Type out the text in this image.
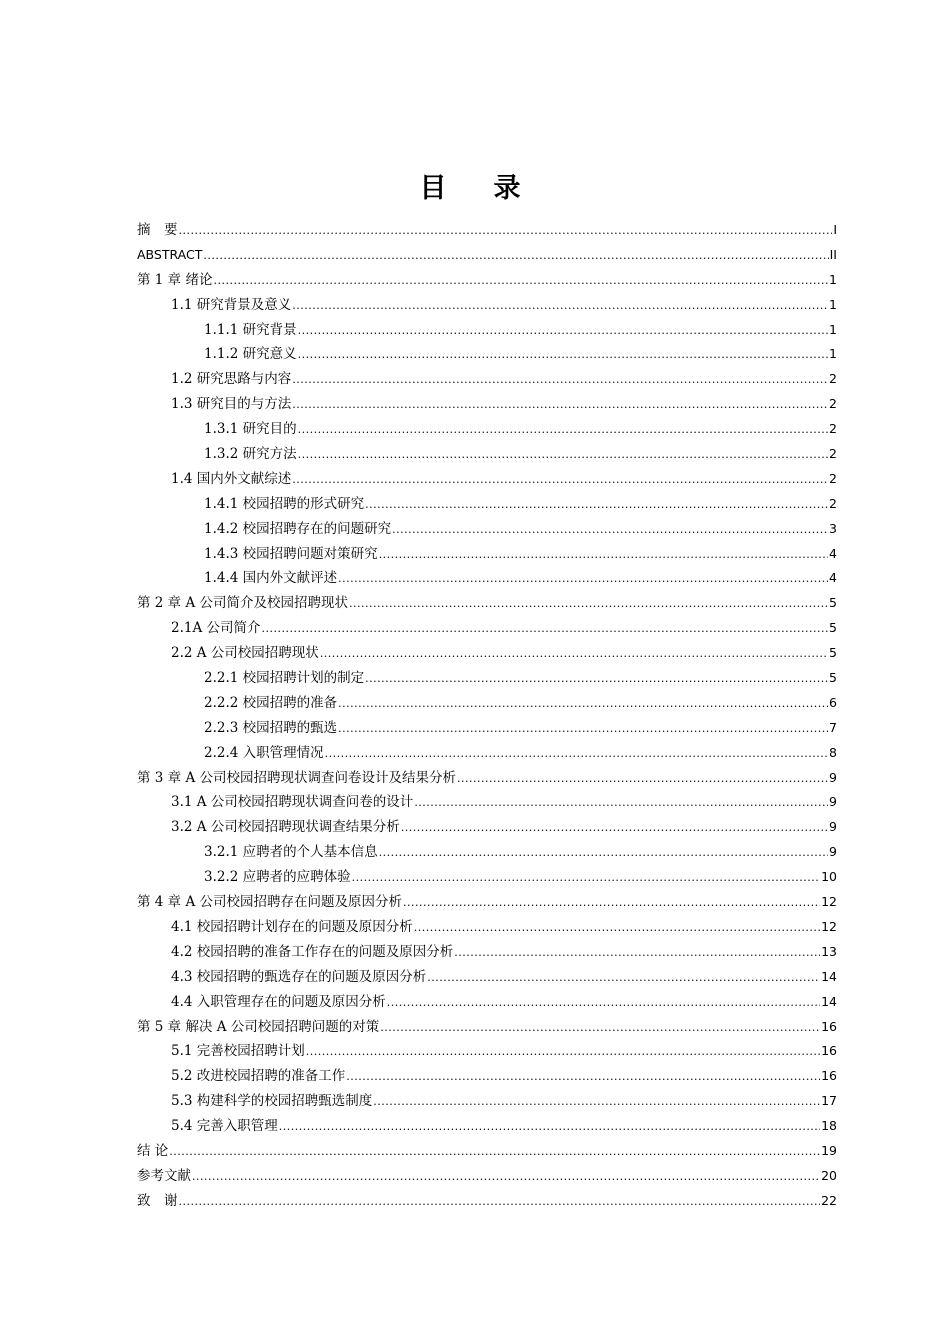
目　录
摘　要 .....	I
ABSTRACT .....	II
第 1 章 绪论 .....	1
1.1 研究背景及意义 .....	1
1.1.1 研究背景 .....	1
1.1.2 研究意义 .....	1
1.2 研究思路与内容 .....	2
1.3 研究目的与方法 .....	2
1.3.1 研究目的 .....	2
1.3.2 研究方法 .....	2
1.4 国内外文献综述 .....	2
1.4.1 校园招聘的形式研究 .....	2
1.4.2 校园招聘存在的问题研究 .....	3
1.4.3 校园招聘问题对策研究 .....	4
1.4.4 国内外文献评述 .....	4
第 2 章 A 公司简介及校园招聘现状 .....	5
2.1A 公司简介 .....	5
2.2 A 公司校园招聘现状 .....	5
2.2.1 校园招聘计划的制定 .....	5
2.2.2 校园招聘的准备 .....	6
2.2.3 校园招聘的甄选 .....	7
2.2.4 入职管理情况 .....	8
第 3 章 A 公司校园招聘现状调查问卷设计及结果分析 .....	9
3.1 A 公司校园招聘现状调查问卷的设计 .....	9
3.2 A 公司校园招聘现状调查结果分析 .....	9
3.2.1 应聘者的个人基本信息 .....	9
3.2.2 应聘者的应聘体验 .....	10
第 4 章 A 公司校园招聘存在问题及原因分析 .....	12
4.1 校园招聘计划存在的问题及原因分析 .....	12
4.2 校园招聘的准备工作存在的问题及原因分析 .....	13
4.3 校园招聘的甄选存在的问题及原因分析 .....	14
4.4 入职管理存在的问题及原因分析 .....	14
第 5 章 解决 A 公司校园招聘问题的对策 .....	16
5.1 完善校园招聘计划 .....	16
5.2 改进校园招聘的准备工作 .....	16
5.3 构建科学的校园招聘甄选制度 .....	17
5.4 完善入职管理 .....	18
结 论 .....	19
参考文献 .....	20
致　谢 .....	22
